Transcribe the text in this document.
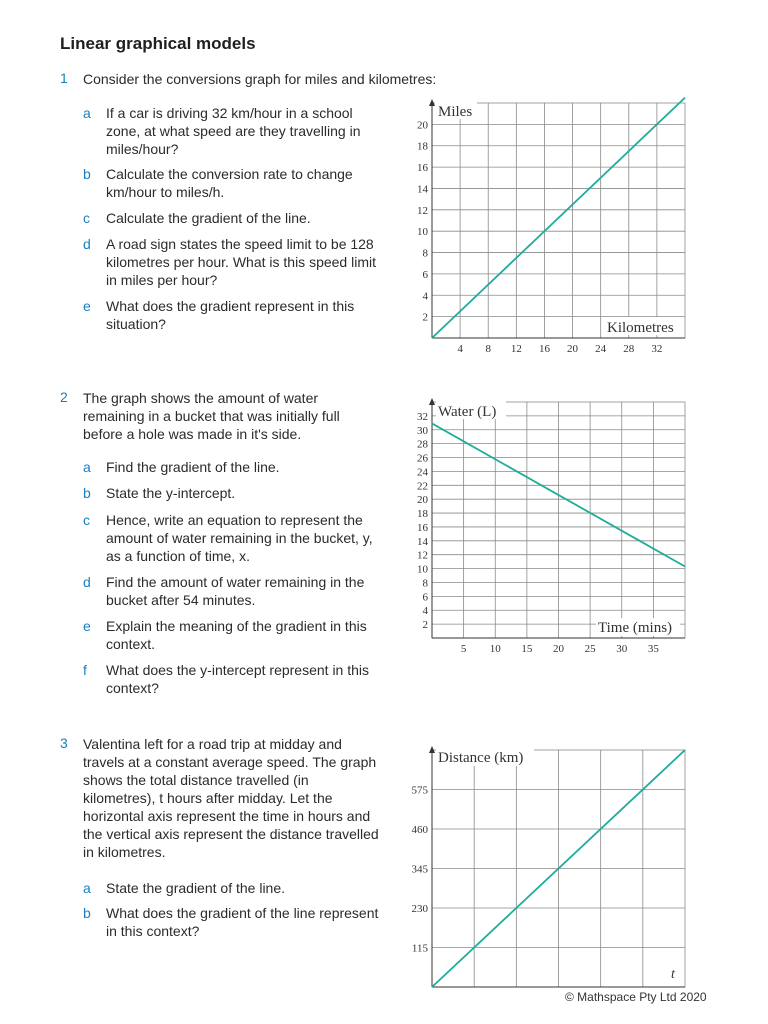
Linear graphical models
1 Consider the conversions graph for miles and kilometres:
a If a car is driving 32 km/hour in a school zone, at what speed are they travelling in miles/hour?
b Calculate the conversion rate to change km/hour to miles/h.
c Calculate the gradient of the line.
d A road sign states the speed limit to be 128 kilometres per hour. What is this speed limit in miles per hour?
e What does the gradient represent in this situation?
2 The graph shows the amount of water remaining in a bucket that was initially full before a hole was made in it's side.
a Find the gradient of the line.
b State the y-intercept.
c Hence, write an equation to represent the amount of water remaining in the bucket, y, as a function of time, x.
d Find the amount of water remaining in the bucket after 54 minutes.
e Explain the meaning of the gradient in this context.
f What does the y-intercept represent in this context?
3 Valentina left for a road trip at midday and travels at a constant average speed. The graph shows the total distance travelled (in kilometres), t hours after midday. Let the horizontal axis represent the time in hours and the vertical axis represent the distance travelled in kilometres.
a State the gradient of the line.
b What does the gradient of the line represent in this context?
4 8 12 16 20 24 28 32
2
4
6
8
10
12
14
16
18
20
Miles
Kilometres
5 10 15 20 25 30 35
2
4
6
8
10
12
14
16
18
20
22
24
26
28
30
32 Water (L)
Time (mins)
115
230
345
460
575
Distance (km)
t
© Mathspace Pty Ltd 2020
